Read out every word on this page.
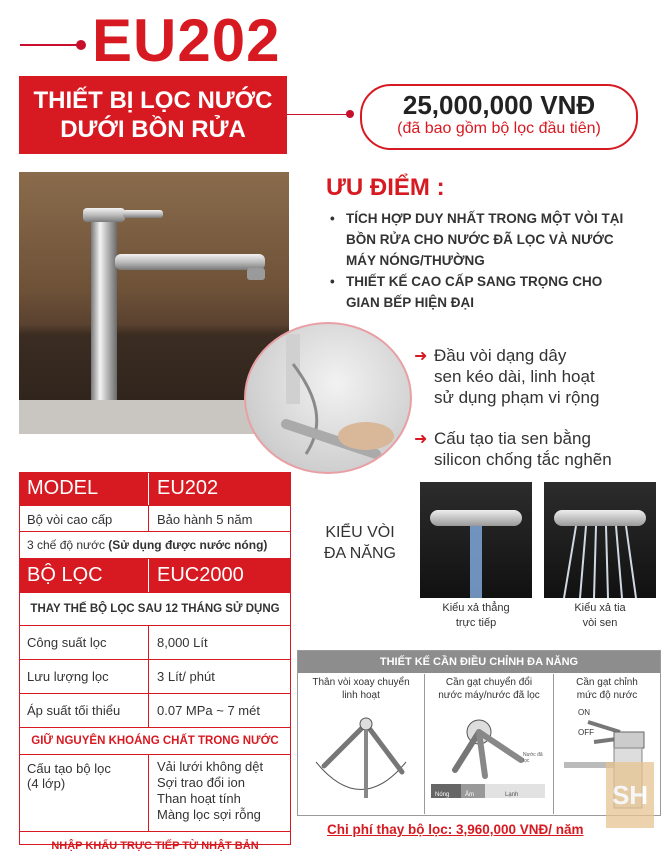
EU202
THIẾT BỊ LỌC NƯỚC
DƯỚI BỒN RỬA
25,000,000 VNĐ
(đã bao gồm bộ lọc đầu tiên)
ƯU ĐIỂM :
• TÍCH HỢP DUY NHẤT TRONG MỘT VÒI TẠI BỒN RỬA CHO NƯỚC ĐÃ LỌC VÀ NƯỚC MÁY NÓNG/THƯỜNG
• THIẾT KẾ CAO CẤP SANG TRỌNG CHO GIAN BẾP HIỆN ĐẠI
➜ Đầu vòi dạng dây
sen kéo dài, linh hoạt
sử dụng phạm vi rộng
➜ Cấu tạo tia sen bằng
silicon chống tắc nghẽn
KIỂU VÒI
ĐA NĂNG
Kiểu xả thẳng
trực tiếp
Kiểu xả tia
vòi sen
MODEL	EU202
Bộ vòi cao cấp	Bảo hành 5 năm
3 chế độ nước (Sử dụng được nước nóng)
BỘ LỌC	EUC2000
THAY THẾ BỘ LỌC SAU 12 THÁNG SỬ DỤNG
Công suất lọc	8,000 Lít
Lưu lượng lọc	3 Lít/ phút
Áp suất tối thiểu	0.07 MPa ~ 7 mét
GIỮ NGUYÊN KHOÁNG CHẤT TRONG NƯỚC
Cấu tạo bộ lọc
(4 lớp)
Vải lưới không dệt
Sợi trao đổi ion
Than hoạt tính
Màng lọc sợi rỗng
NHẬP KHẨU TRỰC TIẾP TỪ NHẬT BẢN
THIẾT KẾ CẦN ĐIỀU CHỈNH ĐA NĂNG
Thân vòi xoay chuyển
linh hoạt
Cần gạt chuyển đổi
nước máy/nước đã lọc
Nóng	Ấm	Lạnh
Nước đã lọc
Cần gạt chỉnh
mức độ nước
ON
OFF
SH
Chi phí thay bộ lọc: 3,960,000 VNĐ/ năm
